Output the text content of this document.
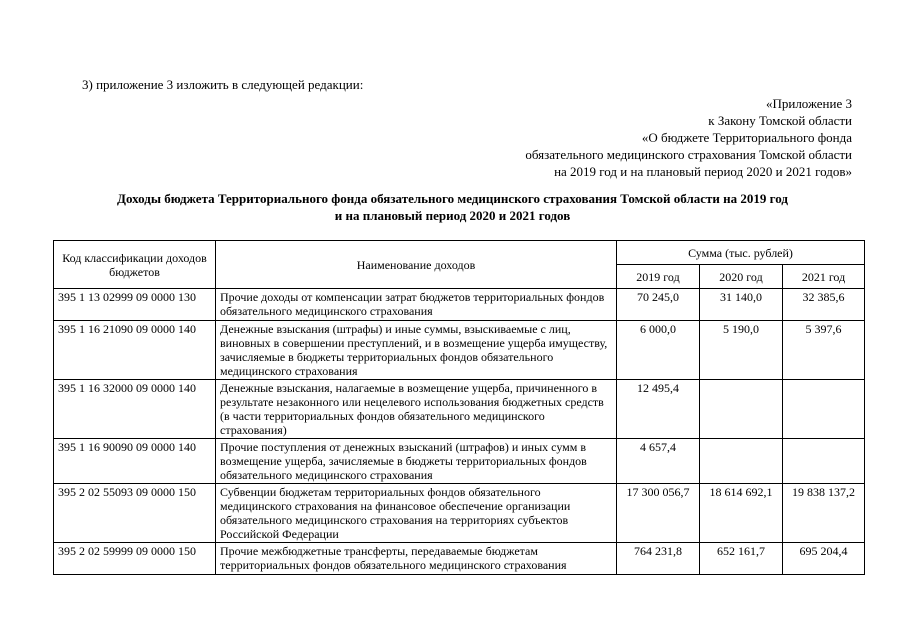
3) приложение 3 изложить в следующей редакции:
«Приложение 3
к Закону Томской области
«О бюджете Территориального фонда
обязательного медицинского страхования Томской области
на 2019 год и на плановый период 2020 и 2021 годов»
Доходы бюджета Территориального фонда обязательного медицинского страхования Томской области на 2019 год
и на плановый период 2020 и 2021 годов
Код классификации доходов бюджетов	Наименование доходов	Сумма (тыс. рублей)		
		2019 год	2020 год	2021 год
395 1 13 02999 09 0000 130	Прочие доходы от компенсации затрат бюджетов территориальных фондов обязательного медицинского страхования	70 245,0	31 140,0	32 385,6
395 1 16 21090 09 0000 140	Денежные взыскания (штрафы) и иные суммы, взыскиваемые с лиц, виновных в совершении преступлений, и в возмещение ущерба имуществу, зачисляемые в бюджеты территориальных фондов обязательного медицинского страхования	6 000,0	5 190,0	5 397,6
395 1 16 32000 09 0000 140	Денежные взыскания, налагаемые в возмещение ущерба, причиненного в результате незаконного или нецелевого использования бюджетных средств (в части территориальных фондов обязательного медицинского страхования)	12 495,4		
395 1 16 90090 09 0000 140	Прочие поступления от денежных взысканий (штрафов) и иных сумм в возмещение ущерба, зачисляемые в бюджеты территориальных фондов обязательного медицинского страхования	4 657,4		
395 2 02 55093 09 0000 150	Субвенции бюджетам территориальных фондов обязательного медицинского страхования на финансовое обеспечение организации обязательного медицинского страхования на территориях субъектов Российской Федерации	17 300 056,7	18 614 692,1	19 838 137,2
395 2 02 59999 09 0000 150	Прочие межбюджетные трансферты, передаваемые бюджетам территориальных фондов обязательного медицинского страхования	764 231,8	652 161,7	695 204,4
